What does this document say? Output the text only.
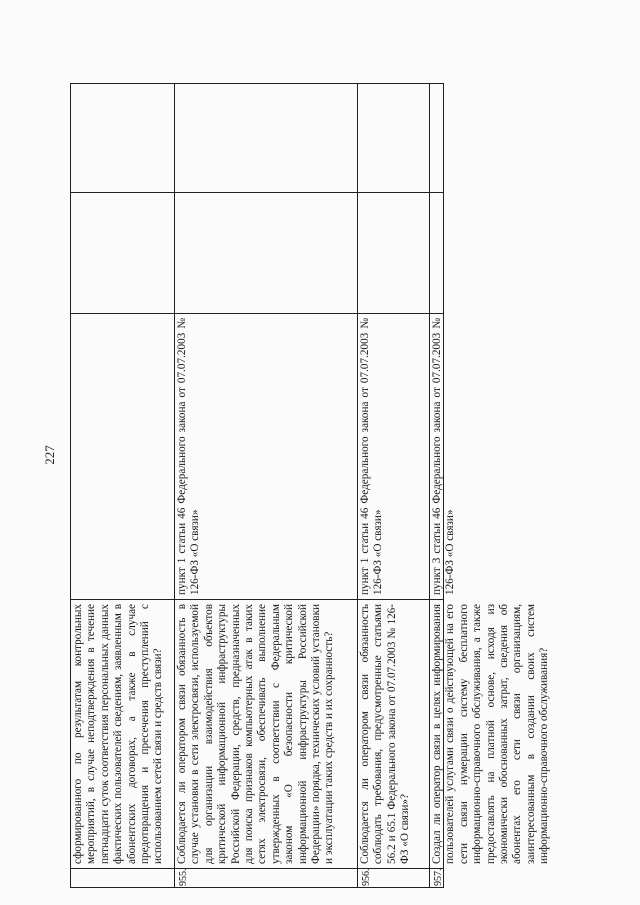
227
сформированного по результатам контрольных мероприятий, в случае неподтверждения в течение пятнадцати суток соответствия персональных данных фактических пользователей сведениям, заявленным в абонентских договорах, а также в случае предотвращения и пресечения преступлений с использованием сетей связи и средств связи?
955.
Соблюдается ли оператором связи обязанность в случае установки в сети электросвязи, используемой для организации взаимодействия объектов критической информационной инфраструктуры Российской Федерации, средств, предназначенных для поиска признаков компьютерных атак в таких сетях электросвязи, обеспечивать выполнение утвержденных в соответствии с Федеральным законом «О безопасности критической информационной инфраструктуры Российской Федерации» порядка, технических условий установки и эксплуатации таких средств и их сохранность?
пункт 1 статьи 46 Федерального закона от 07.07.2003 № 126-ФЗ «О связи»
956.
Соблюдается ли оператором связи обязанность соблюдать требования, предусмотренные статьями 56.2 и 65.1 Федерального закона от 07.07.2003 № 126-ФЗ «О связи»?
пункт 1 статьи 46 Федерального закона от 07.07.2003 № 126-ФЗ «О связи»
957.
Создал ли оператор связи в целях информирования пользователей услугами связи о действующей на его сети связи нумерации систему бесплатного информационно-справочного обслуживания, а также предоставлять на платной основе, исходя из экономически обоснованных затрат, сведения об абонентах его сети связи организациям, заинтересованным в создании своих систем информационно-справочного обслуживания?
пункт 3 статьи 46 Федерального закона от 07.07.2003 № 126-ФЗ «О связи»
